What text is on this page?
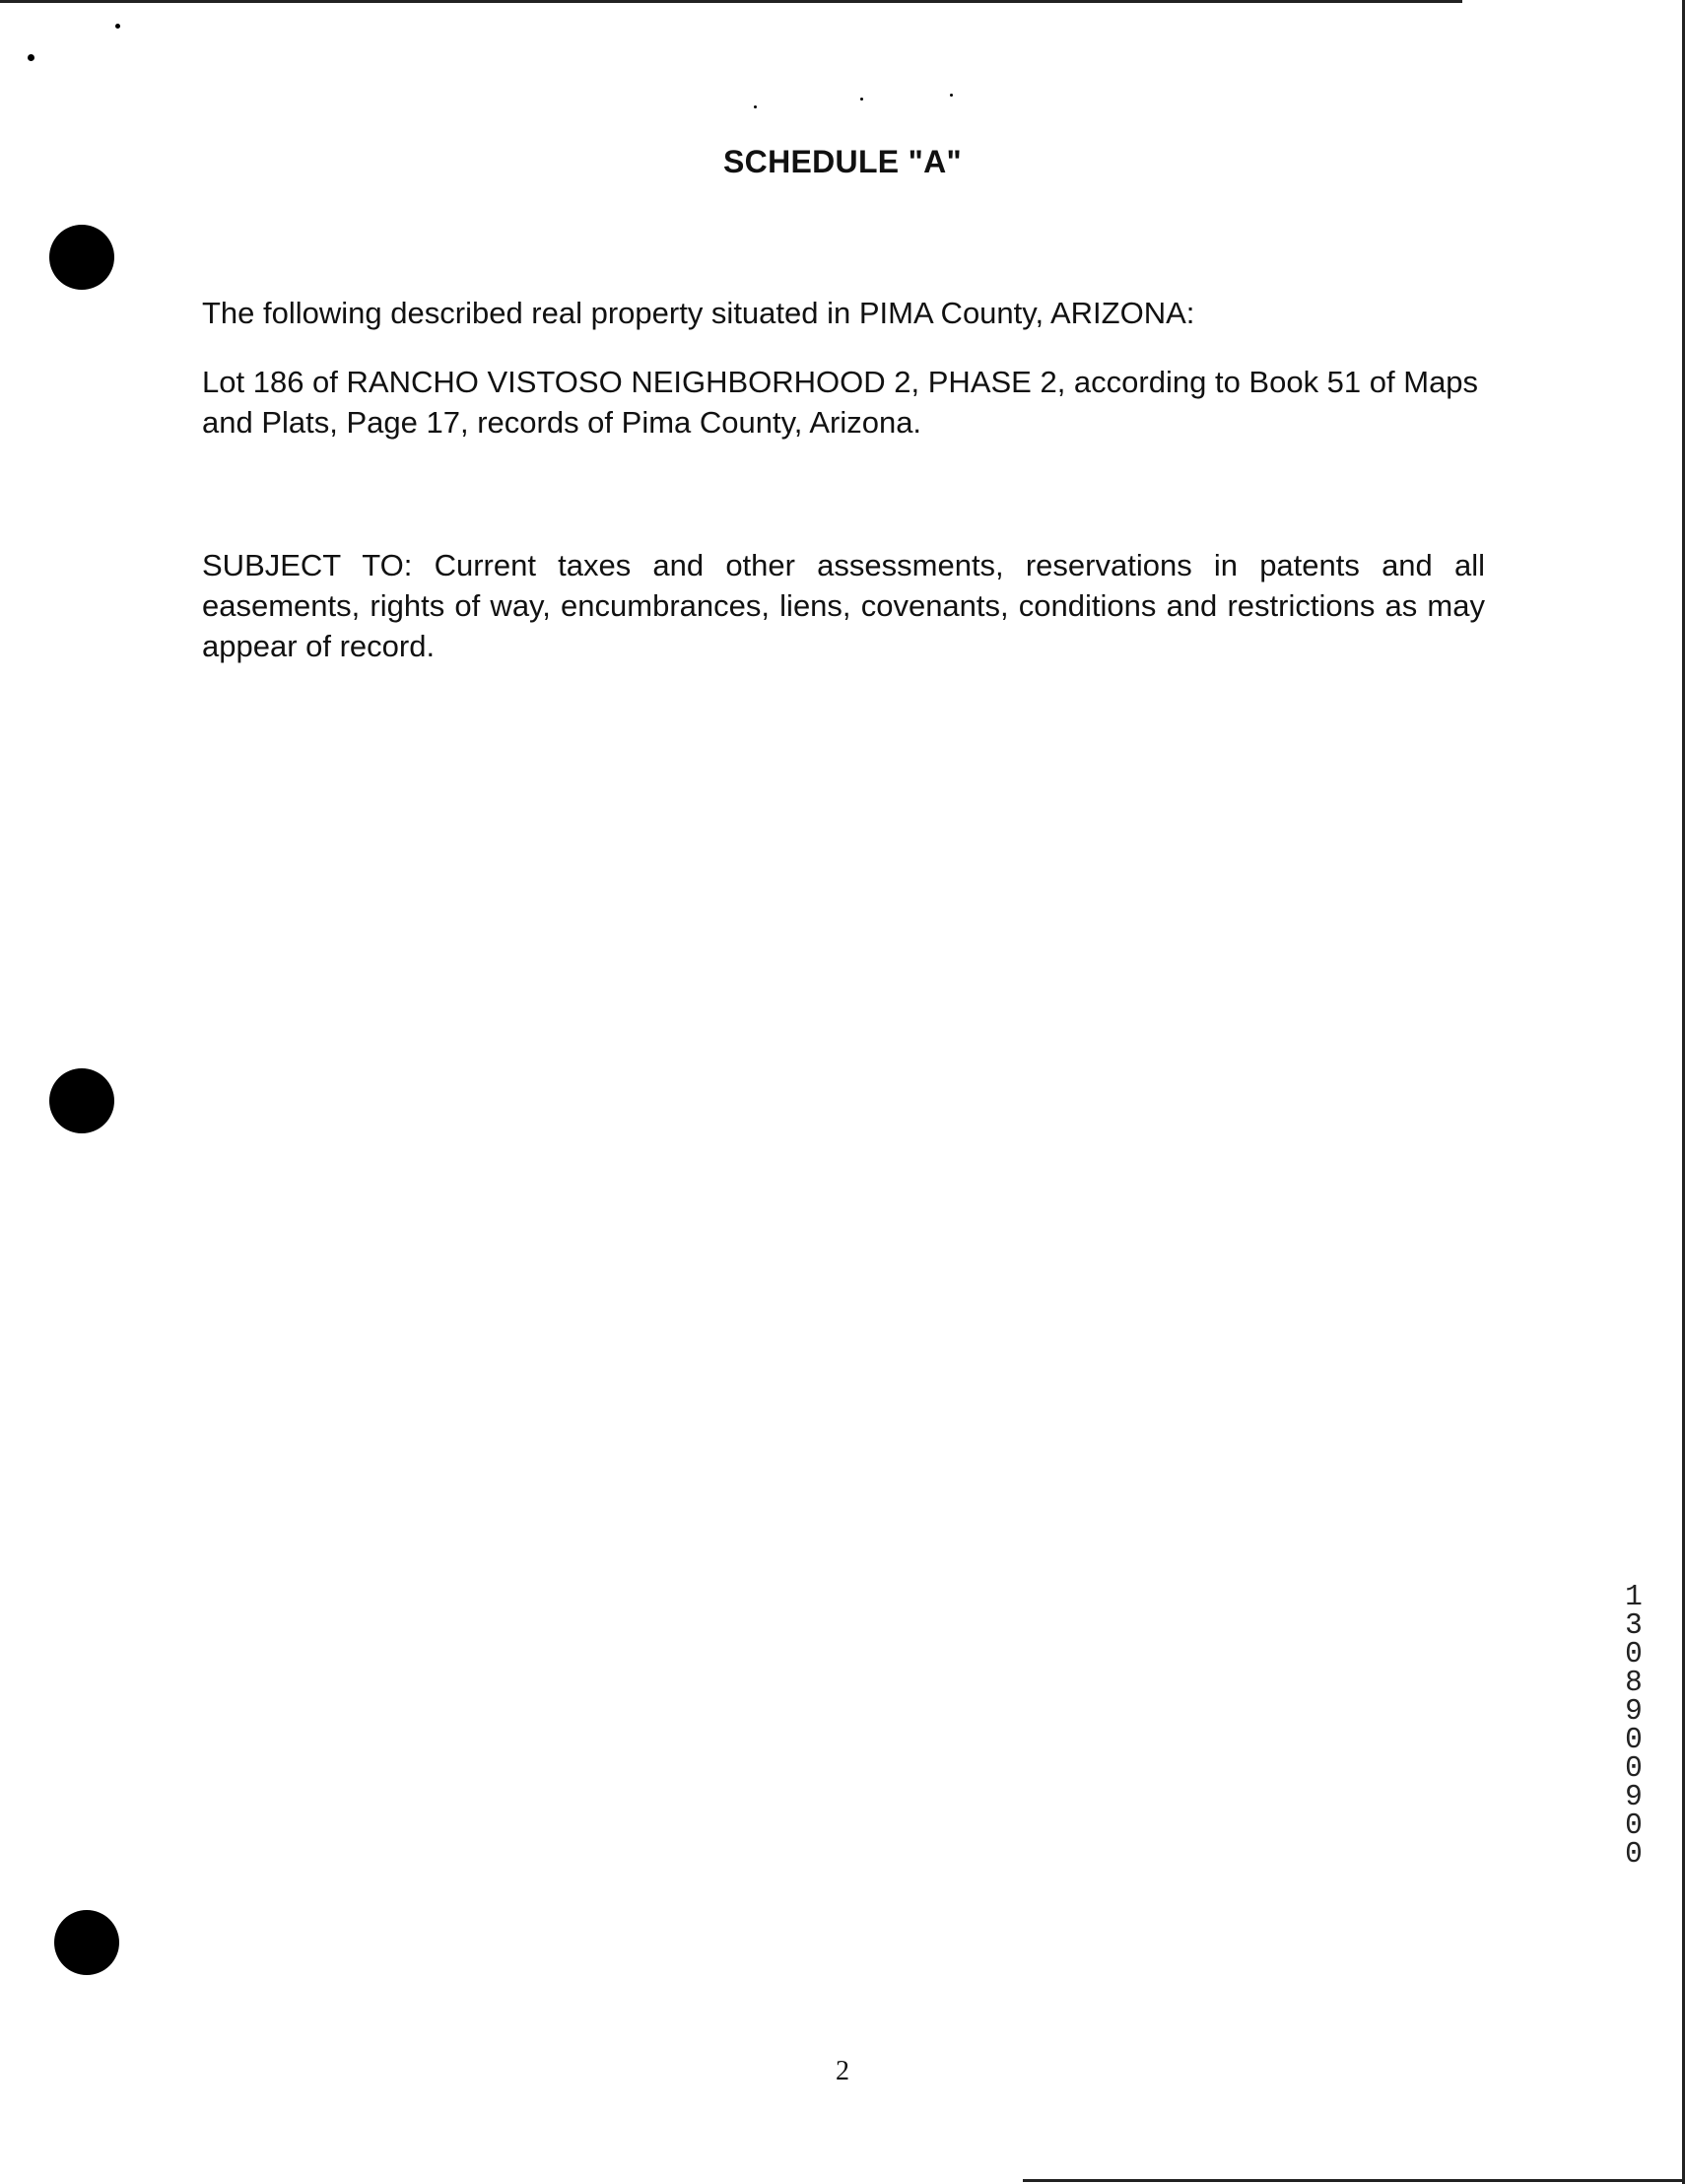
SCHEDULE "A"
The following described real property situated in PIMA County, ARIZONA:
Lot 186 of RANCHO VISTOSO NEIGHBORHOOD 2, PHASE 2, according to Book 51 of Maps and Plats, Page 17, records of Pima County, Arizona.
SUBJECT TO: Current taxes and other assessments, reservations in patents and all easements, rights of way, encumbrances, liens, covenants, conditions and restrictions as may appear of record.
13089 00900
2
